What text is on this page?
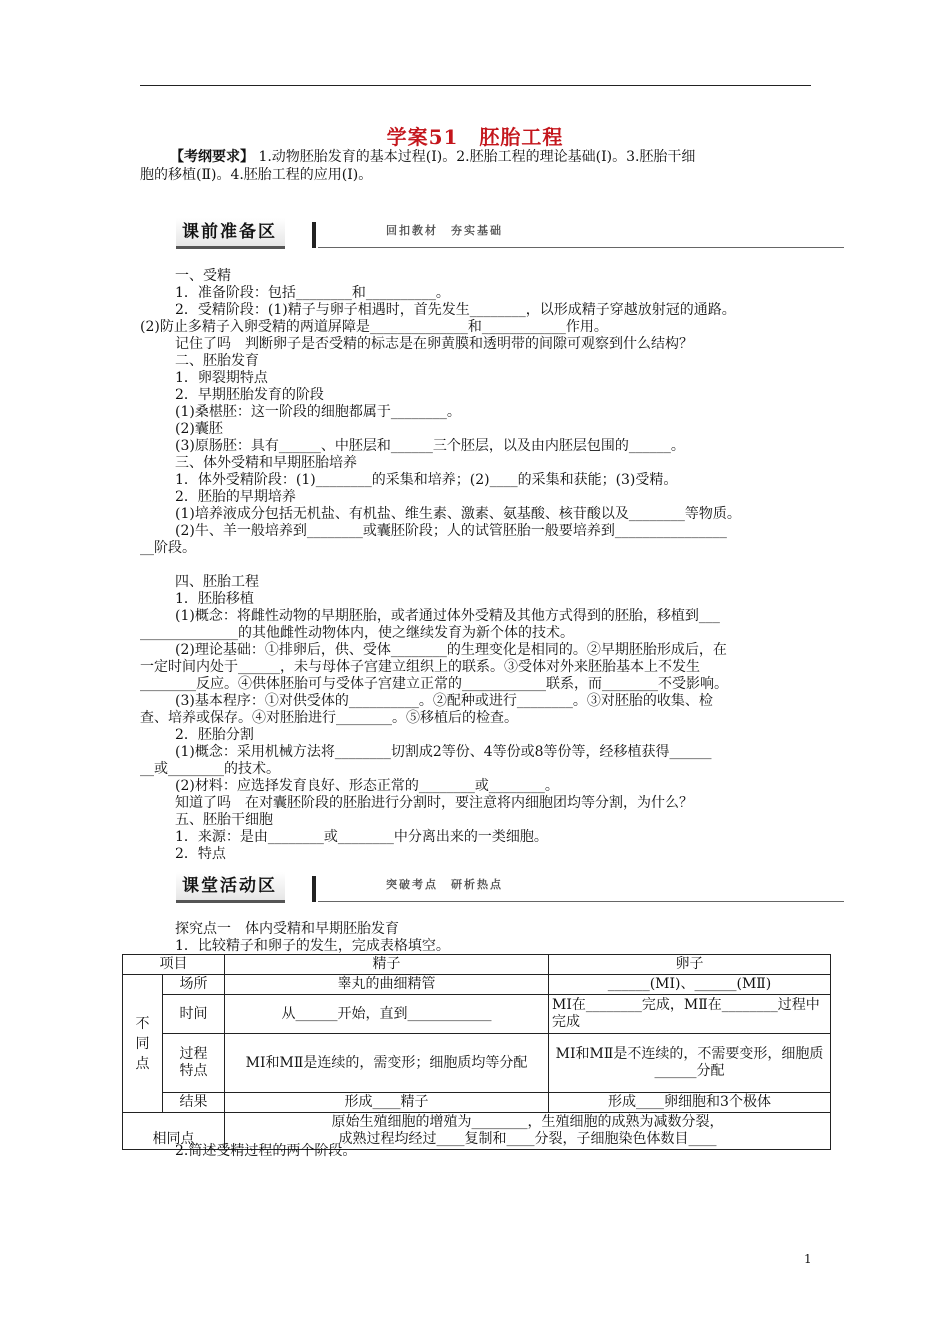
学案51　胚胎工程
【考纲要求】 1.动物胚胎发育的基本过程(Ⅰ)。2.胚胎工程的理论基础(Ⅰ)。3.胚胎干细
胞的移植(Ⅱ)。4.胚胎工程的应用(Ⅰ)。
课前准备区	回扣教材　夯实基础
一、受精
1．准备阶段：包括________和__________。
2．受精阶段：(1)精子与卵子相遇时，首先发生________，以形成精子穿越放射冠的通路。
(2)防止多精子入卵受精的两道屏障是______________和____________作用。
记住了吗　判断卵子是否受精的标志是在卵黄膜和透明带的间隙可观察到什么结构？
二、胚胎发育
1．卵裂期特点
2．早期胚胎发育的阶段
(1)桑椹胚：这一阶段的细胞都属于________。
(2)囊胚
(3)原肠胚：具有______、中胚层和______三个胚层，以及由内胚层包围的______。
三、体外受精和早期胚胎培养
1．体外受精阶段：(1)________的采集和培养；(2)____的采集和获能；(3)受精。
2．胚胎的早期培养
(1)培养液成分包括无机盐、有机盐、维生素、激素、氨基酸、核苷酸以及________等物质。
(2)牛、羊一般培养到________或囊胚阶段；人的试管胚胎一般要培养到________________
__阶段。
四、胚胎工程
1．胚胎移植
(1)概念：将雌性动物的早期胚胎，或者通过体外受精及其他方式得到的胚胎，移植到___
______________的其他雌性动物体内，使之继续发育为新个体的技术。
(2)理论基础：①排卵后，供、受体________的生理变化是相同的。②早期胚胎形成后，在
一定时间内处于______，未与母体子宫建立组织上的联系。③受体对外来胚胎基本上不发生
________反应。④供体胚胎可与受体子宫建立正常的____________联系，而________不受影响。
(3)基本程序：①对供受体的__________。②配种或进行________。③对胚胎的收集、检
查、培养或保存。④对胚胎进行________。⑤移植后的检查。
2．胚胎分割
(1)概念：采用机械方法将________切割成2等份、4等份或8等份等，经移植获得______
__或________的技术。
(2)材料：应选择发育良好、形态正常的________或________。
知道了吗　在对囊胚阶段的胚胎进行分割时，要注意将内细胞团均等分割，为什么？
五、胚胎干细胞
1．来源：是由________或________中分离出来的一类细胞。
2．特点
课堂活动区	突破考点　研析热点
探究点一　体内受精和早期胚胎发育
1．比较精子和卵子的发生，完成表格填空。
项目		精子	卵子

不同点	场所	睾丸的曲细精管	______(MⅠ)、______(MⅡ)
	时间	从______开始，直到____________	MⅠ在________完成，MⅡ在________过程中完成

	过程特点	MⅠ和MⅡ是连续的，需变形；细胞质均等分配	MⅠ和MⅡ是不连续的，不需要变形，细胞质______分配
	结果	形成____精子	形成____卵细胞和3个极体
相同点		原始生殖细胞的增殖为________，生殖细胞的成熟为减数分裂，
成熟过程均经过____复制和____分裂，子细胞染色体数目____	
2.简述受精过程的两个阶段。
1
